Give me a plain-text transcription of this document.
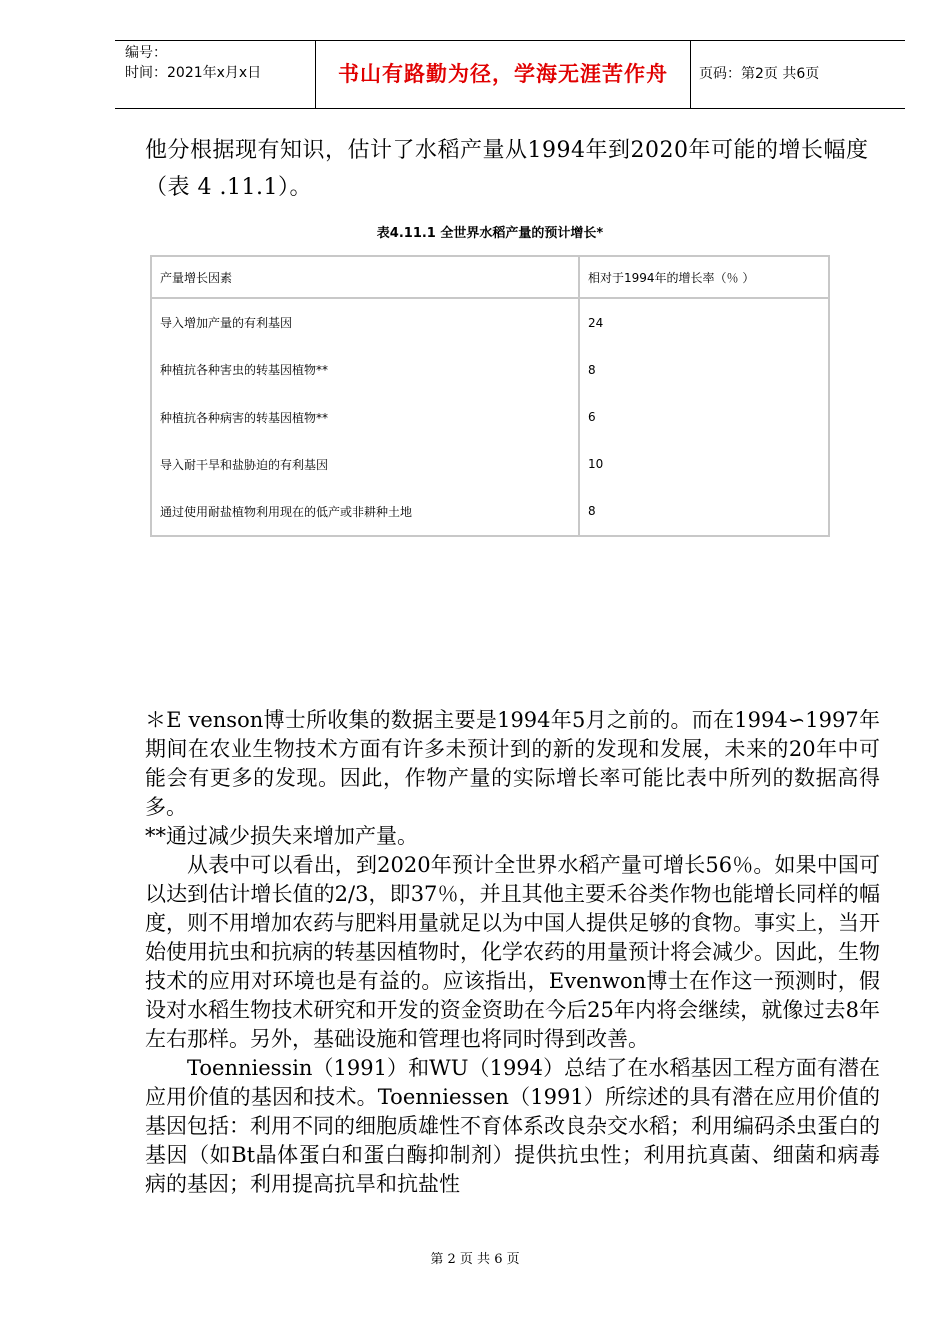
编号：
时间：2021年x月x日	书山有路勤为径，学海无涯苦作舟	页码：第2页 共6页
他分根据现有知识，估计了水稻产量从1994年到2020年可能的增长幅度（表 4 .11.1）。
表4.11.1 全世界水稻产量的预计增长*
产量增长因素	相对于1994年的增长率（％ ）
导入增加产量的有利基因	24
种植抗各种害虫的转基因植物**	8
种植抗各种病害的转基因植物**	6
导入耐干旱和盐胁迫的有利基因	10
通过使用耐盐植物利用现在的低产或非耕种土地	8

＊E venson博士所收集的数据主要是1994年5月之前的。而在1994∽1997年期间在农业生物技术方面有许多未预计到的新的发现和发展，未来的20年中可能会有更多的发现。因此，作物产量的实际增长率可能比表中所列的数据高得多。

**通过减少损失来增加产量。

从表中可以看出，到2020年预计全世界水稻产量可增长56％。如果中国可以达到估计增长值的2/3，即37％，并且其他主要禾谷类作物也能增长同样的幅度，则不用增加农药与肥料用量就足以为中国人提供足够的食物。事实上，当开始使用抗虫和抗病的转基因植物时，化学农药的用量预计将会减少。因此，生物技术的应用对环境也是有益的。应该指出，Evenwon博士在作这一预测时，假设对水稻生物技术研究和开发的资金资助在今后25年内将会继续，就像过去8年左右那样。另外，基础设施和管理也将同时得到改善。

Toenniessin（1991）和WU（1994）总结了在水稻基因工程方面有潜在应用价值的基因和技术。Toenniessen（1991）所综述的具有潜在应用价值的基因包括：利用不同的细胞质雄性不育体系改良杂交水稻；利用编码杀虫蛋白的基因（如Bt晶体蛋白和蛋白酶抑制剂）提供抗虫性；利用抗真菌、细菌和病毒病的基因；利用提高抗旱和抗盐性

第 2 页 共 6 页
